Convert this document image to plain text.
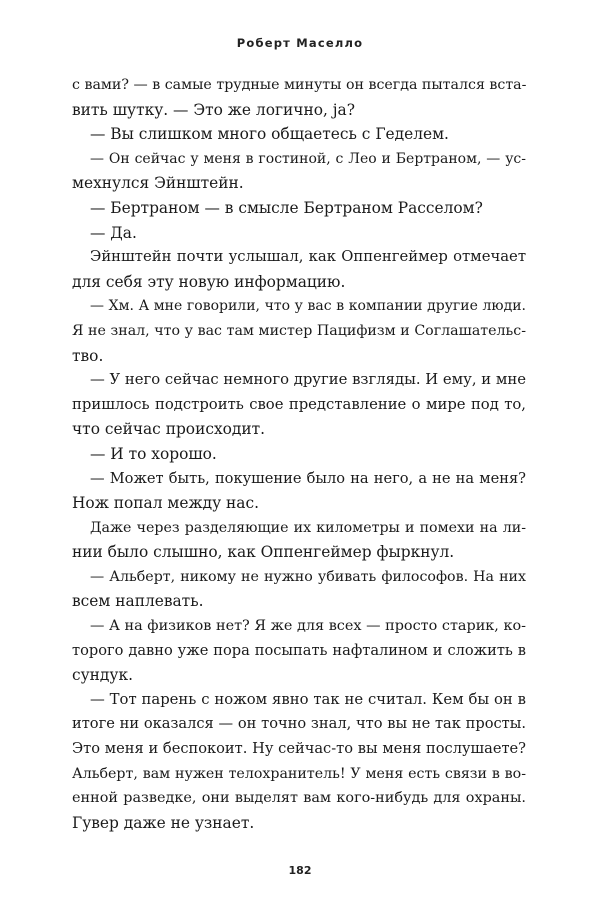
Роберт Маселло
с вами? — в самые трудные минуты он всегда пытался вста-
вить шутку. — Это же логично, ja?
— Вы слишком много общаетесь с Геделем.
— Он сейчас у меня в гостиной, с Лео и Бертраном, — ус-
мехнулся Эйнштейн.
— Бертраном — в смысле Бертраном Расселом?
— Да.
Эйнштейн почти услышал, как Оппенгеймер отмечает
для себя эту новую информацию.
— Хм. А мне говорили, что у вас в компании другие люди.
Я не знал, что у вас там мистер Пацифизм и Соглашательс-
тво.
— У него сейчас немного другие взгляды. И ему, и мне
пришлось подстроить свое представление о мире под то,
что сейчас происходит.
— И то хорошо.
— Может быть, покушение было на него, а не на меня?
Нож попал между нас.
Даже через разделяющие их километры и помехи на ли-
нии было слышно, как Оппенгеймер фыркнул.
— Альберт, никому не нужно убивать философов. На них
всем наплевать.
— А на физиков нет? Я же для всех — просто старик, ко-
торого давно уже пора посыпать нафталином и сложить в
сундук.
— Тот парень с ножом явно так не считал. Кем бы он в
итоге ни оказался — он точно знал, что вы не так просты.
Это меня и беспокоит. Ну сейчас-то вы меня послушаете?
Альберт, вам нужен телохранитель! У меня есть связи в во-
енной разведке, они выделят вам кого-нибудь для охраны.
Гувер даже не узнает.
182
